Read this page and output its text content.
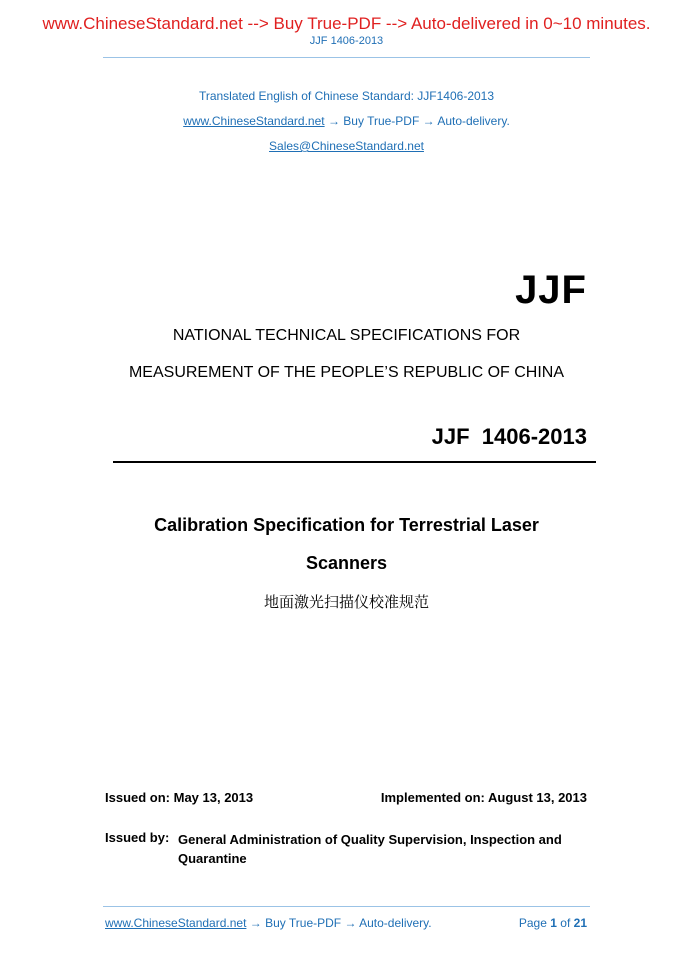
www.ChineseStandard.net --> Buy True-PDF --> Auto-delivered in 0~10 minutes.
JJF 1406-2013
Translated English of Chinese Standard: JJF1406-2013
www.ChineseStandard.net → Buy True-PDF → Auto-delivery.
Sales@ChineseStandard.net
JJF
NATIONAL TECHNICAL SPECIFICATIONS FOR
MEASUREMENT OF THE PEOPLE’S REPUBLIC OF CHINA
JJF  1406-2013
Calibration Specification for Terrestrial Laser
Scanners
地面激光扫描仪校准规范
Issued on: May 13, 2013	Implemented on: August 13, 2013
Issued by: General Administration of Quality Supervision, Inspection and Quarantine
www.ChineseStandard.net → Buy True-PDF → Auto-delivery.	Page 1 of 21
